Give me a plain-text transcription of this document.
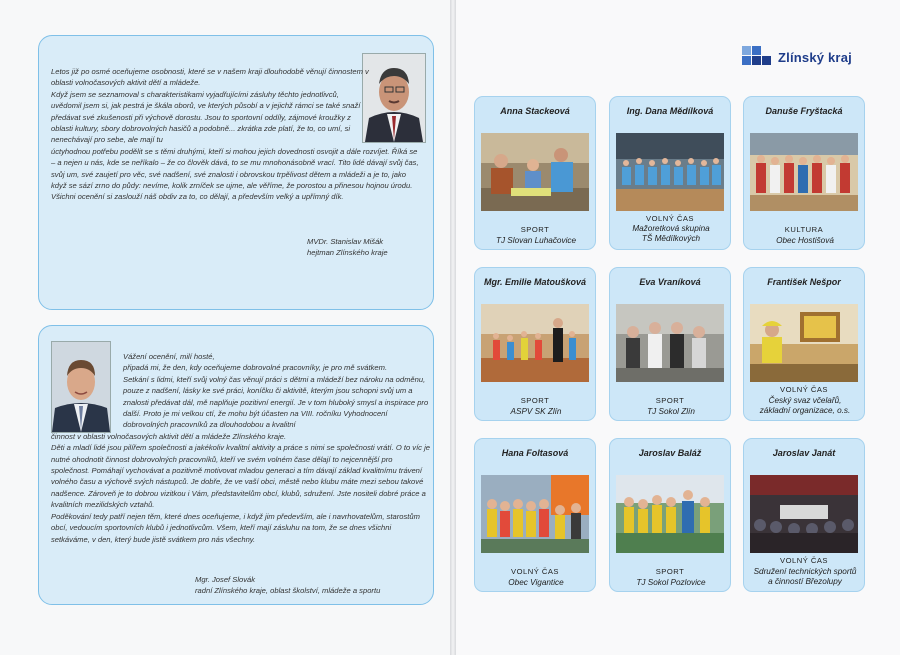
Letos již po osmé oceňujeme osobnosti, které se v našem kraji dlouhodobě věnují činnostem v oblasti volnočasových aktivit dětí a mládeže.
Když jsem se seznamoval s charakteristikami vyjadřujícími zásluhy těchto jednotlivců, uvědomil jsem si, jak pestrá je škála oborů, ve kterých působí a v jejichž rámci se také snaží předávat své zkušenosti při výchově dorostu. Jsou to sportovní oddíly, zájmové kroužky z oblasti kultury, sbory dobrovolných hasičů a podobně... zkrátka zde platí, že to, co umí, si nenechávají pro sebe, ale mají tu
úctyhodnou potřebu podělit se s těmi druhými, kteří si mohou jejich dovednosti osvojit a dále rozvíjet. Říká se – a nejen u nás, kde se neříkalo – že co člověk dává, to se mu mnohonásobně vrací. Tito lidé dávají svůj čas, svůj um, své zaujetí pro věc, své nadšení, své znalosti i obrovskou trpělivost dětem a mládeži a je to, jako když se sází zrno do půdy: nevíme, kolik zrníček se ujme, ale věříme, že porostou a přinesou hojnou úrodu.
Všichni ocenění si zaslouží náš obdiv za to, co dělají, a především velký a upřímný dík.
MVDr. Stanislav Mišák
hejtman Zlínského kraje
Vážení ocenění, milí hosté,
připadá mi, že den, kdy oceňujeme dobrovolné pracovníky, je pro mě svátkem.
Setkání s lidmi, kteří svůj volný čas věnují práci s dětmi a mládeží bez nároku na odměnu, pouze z nadšení, lásky ke své práci, koníčku či aktivitě, kterým jsou schopni svůj um a znalosti předávat dál, mě naplňuje pozitivní energií. Je v tom hluboký smysl a inspirace pro další. Proto je mi velkou ctí, že mohu být účasten na VIII. ročníku Vyhodnocení dobrovolných pracovníků za dlouhodobou a kvalitní
činnost v oblasti volnočasových aktivit dětí a mládeže Zlínského kraje.
Děti a mladí lidé jsou pilířem společnosti a jakékoliv kvalitní aktivity a práce s nimi se společnosti vrátí. O to víc je nutné ohodnotit činnost dobrovolných pracovníků, kteří ve svém volném čase dělají to nejcennější pro společnost. Pomáhají vychovávat a pozitivně motivovat mladou generaci a tím dávají základ kvalitnímu trávení volného času a výchově svých nástupců. Je dobře, že ve vaší obci, městě nebo klubu máte mezi sebou takové nadšence. Zároveň je to dobrou vizitkou i Vám, představitelům obcí, klubů, sdružení. Jste nositeli dobré práce a kvalitních mezilidských vztahů.
Poděkování tedy patří nejen těm, které dnes oceňujeme, i když jim především, ale i navrhovatelům, starostům obcí, vedoucím sportovních klubů i jednotlivcům. Všem, kteří mají zásluhu na tom, že se dnes všichni setkáváme, v den, který bude jistě svátkem pro nás všechny.
Mgr. Josef Slovák
radní Zlínského kraje, oblast školství, mládeže a sportu
Zlínský kraj
Anna Stackeová
SPORT
TJ Slovan Luhačovice
Ing. Dana Mědílková
VOLNÝ ČAS
Mažoretková skupina
TŠ Mědílkových
Danuše Fryštacká
KULTURA
Obec Hostišová
Mgr. Emilie Matoušková
SPORT
ASPV SK Zlín
Eva Vraníková
SPORT
TJ Sokol Zlín
František Nešpor
VOLNÝ ČAS
Český svaz včelařů,
základní organizace, o.s.
Hana Foltasová
VOLNÝ ČAS
Obec Vigantice
Jaroslav Baláž
SPORT
TJ Sokol Pozlovice
Jaroslav Janát
VOLNÝ ČAS
Sdružení technických sportů
a činností Březolupy
